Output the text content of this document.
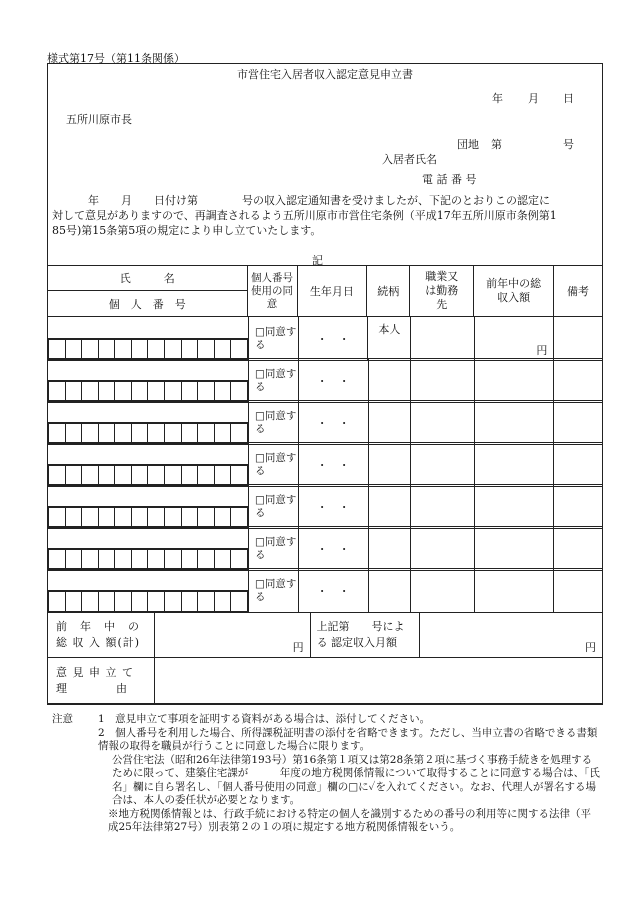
様式第17号（第11条関係）
市営住宅入居者収入認定意見申立書
年 月 日
五所川原市長
団地 第	号
入居者氏名
電 話 番 号
年　　月　　日付け第　　　　号の収入認定通知書を受けましたが、下記のとおりこの認定に
対して意見がありますので、再調査されるよう五所川原市市営住宅条例（平成17年五所川原市条例第1
85号)第15条第5項の規定により申し立ていたします。
記
氏　　　名	個人番号使用の同意	生年月日	続柄	職業又は勤務先	前年中の総収入額	備考
個　人　番　号
	□同意する	・　・	本人		円	

	□同意する	・　・				

	□同意する	・　・				

	□同意する	・　・				

	□同意する	・　・				

	□同意する	・　・				

	□同意する	・　・				

前　年　中　の総 収 入 額(計)	円	上記第　　号による 認定収入月額	円
意 見 申 立 て理　　　　由			
注意 1　意見申立て事項を証明する資料がある場合は、添付してください。
2　個人番号を利用した場合、所得課税証明書の添付を省略できます。ただし、当申立書の省略できる書類情報の取得を職員が行うことに同意した場合に限ります。
公営住宅法（昭和26年法律第193号）第16条第１項又は第28条第２項に基づく事務手続きを処理するために限って、建築住宅課が　　　年度の地方税関係情報について取得することに同意する場合は、「氏名」欄に自ら署名し、「個人番号使用の同意」欄の□に✓を入れてください。なお、代理人が署名する場合は、本人の委任状が必要となります。
※地方税関係情報とは、行政手続における特定の個人を識別するための番号の利用等に関する法律（平成25年法律第27号）別表第２の１の項に規定する地方税関係情報をいう。
